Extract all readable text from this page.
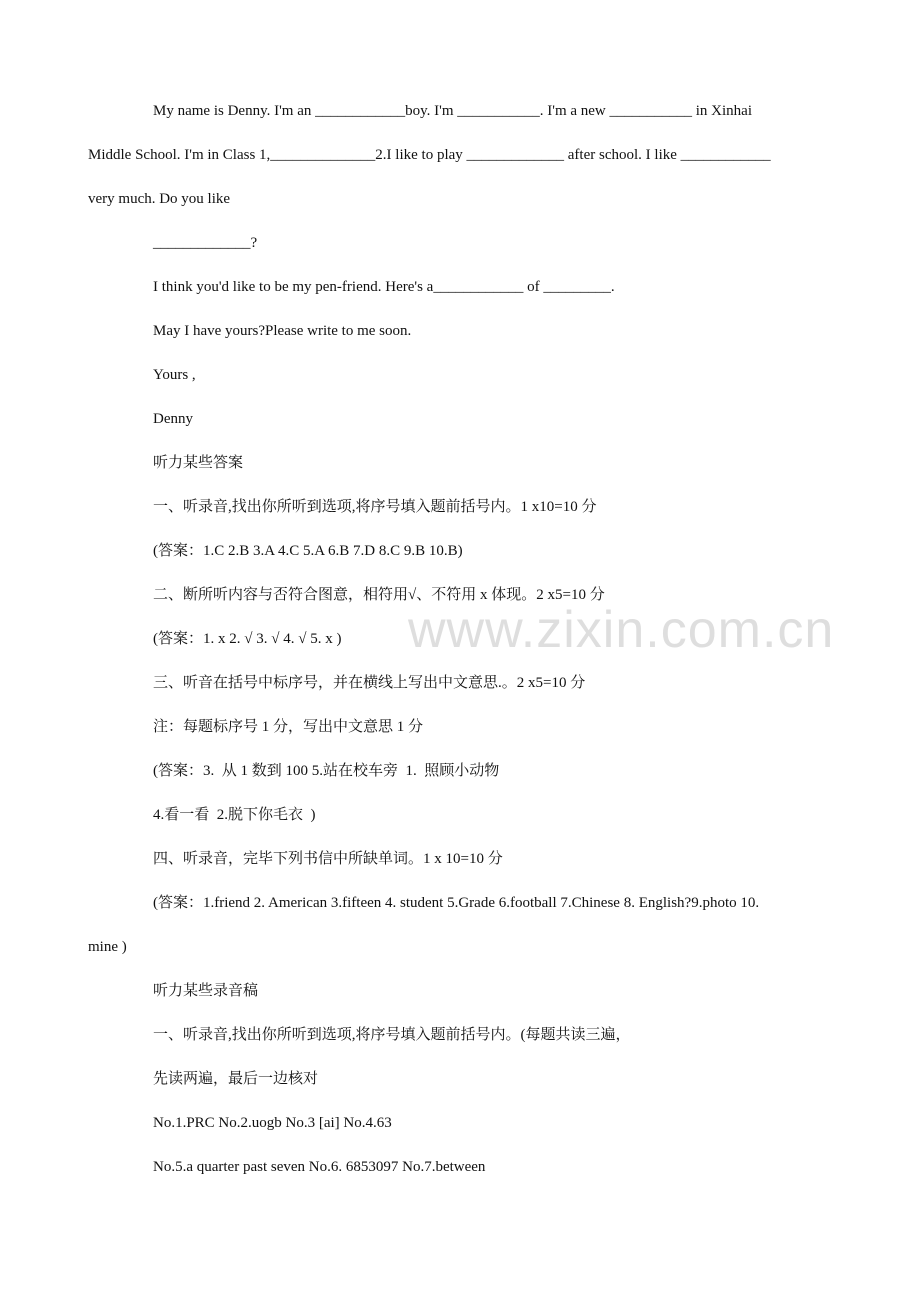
My name is Denny. I'm an ____________boy. I'm ___________. I'm a new ___________ in Xinhai
Middle School. I'm in Class 1,______________2.I like to play _____________ after school. I like ____________
very much. Do you like
_____________?
I think you'd like to be my pen-friend. Here's a____________ of _________.
May I have yours?Please write to me soon.
Yours ,
Denny
听力某些答案
一、听录音,找出你所听到选项,将序号填入题前括号内。1 x10=10 分
(答案：1.C 2.B 3.A 4.C 5.A 6.B 7.D 8.C 9.B 10.B)
二、断所听内容与否符合图意，相符用√、不符用 x 体现。2 x5=10 分
(答案：1. x 2. √ 3. √ 4. √ 5. x )
三、听音在括号中标序号，并在横线上写出中文意思.。2 x5=10 分
注：每题标序号 1 分，写出中文意思 1 分
(答案：3.  从 1 数到 100 5.站在校车旁  1.  照顾小动物
4.看一看  2.脱下你毛衣  )
四、听录音，完毕下列书信中所缺单词。1 x 10=10 分
(答案：1.friend 2. American 3.fifteen 4. student 5.Grade 6.football 7.Chinese 8. English?9.photo 10.
mine )
听力某些录音稿
一、听录音,找出你所听到选项,将序号填入题前括号内。(每题共读三遍，
先读两遍，最后一边核对
No.1.PRC No.2.uogb No.3 [ai] No.4.63
No.5.a quarter past seven No.6. 6853097 No.7.between
www.zixin.com.cn
